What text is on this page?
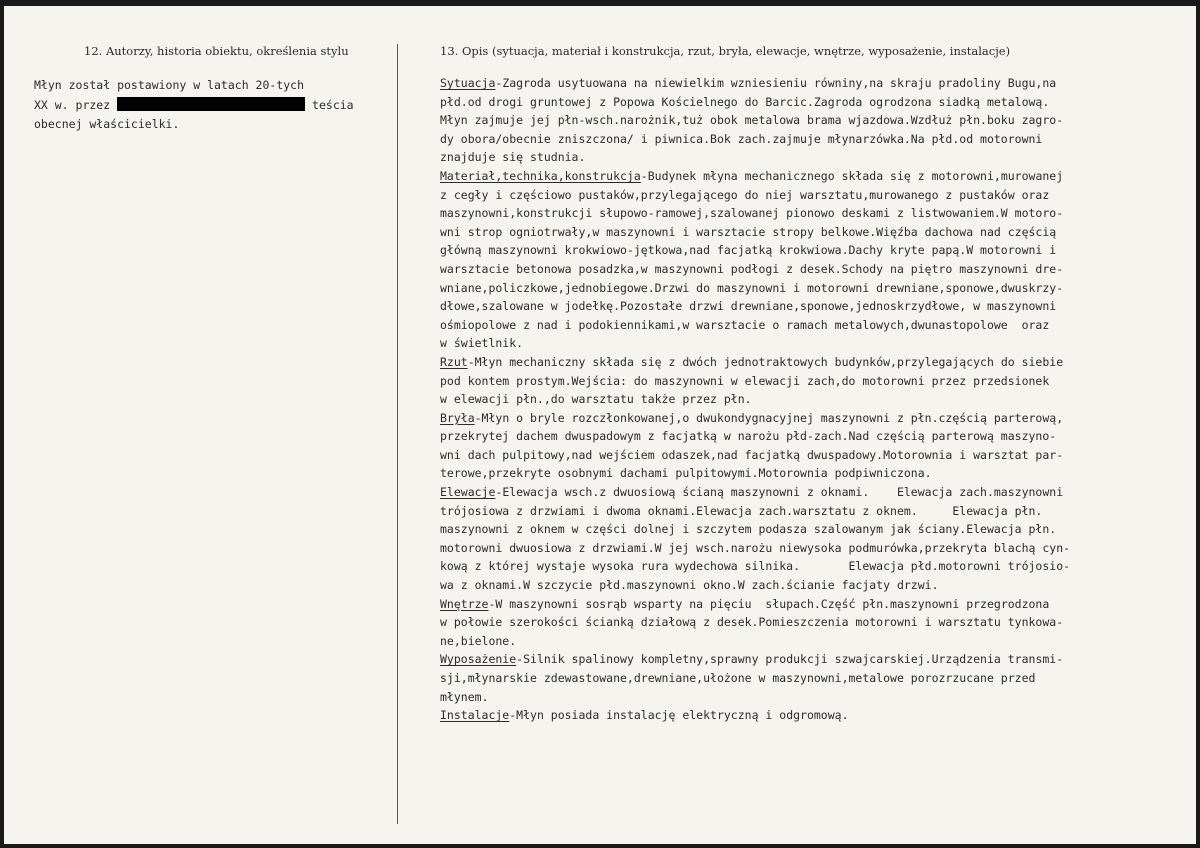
12. Autorzy, historia obiektu, określenia stylu	13. Opis (sytuacja, materiał i konstrukcja, rzut, bryła, elewacje, wnętrze, wyposażenie, instalacje)
Młyn został postawiony w latach 20-tych
XX w. przez	teścia
obecnej właścicielki.
Sytuacja-Zagroda usytuowana na niewielkim wzniesieniu równiny,na skraju pradoliny Bugu,na
płd.od drogi gruntowej z Popowa Kościelnego do Barcic.Zagroda ogrodzona siadką metalową.
Młyn zajmuje jej płn-wsch.narożnik,tuż obok metalowa brama wjazdowa.Wzdłuż płn.boku zagro-
dy obora/obecnie zniszczona/ i piwnica.Bok zach.zajmuje młynarzówka.Na płd.od motorowni
znajduje się studnia.
Materiał,technika,konstrukcja-Budynek młyna mechanicznego składa się z motorowni,murowanej
z cegły i częściowo pustaków,przylegającego do niej warsztatu,murowanego z pustaków oraz
maszynowni,konstrukcji słupowo-ramowej,szalowanej pionowo deskami z listwowaniem.W motoro-
wni strop ogniotrwały,w maszynowni i warsztacie stropy belkowe.Więźba dachowa nad częścią
główną maszynowni krokwiowo-jętkowa,nad facjatką krokwiowa.Dachy kryte papą.W motorowni i
warsztacie betonowa posadzka,w maszynowni podłogi z desek.Schody na piętro maszynowni dre-
wniane,policzkowe,jednobiegowe.Drzwi do maszynowni i motorowni drewniane,sponowe,dwuskrzy-
dłowe,szalowane w jodełkę.Pozostałe drzwi drewniane,sponowe,jednoskrzydłowe, w maszynowni
ośmiopolowe z nad i podokiennikami,w warsztacie o ramach metalowych,dwunastopolowe  oraz
w świetlnik.
Rzut-Młyn mechaniczny składa się z dwóch jednotraktowych budynków,przylegających do siebie
pod kontem prostym.Wejścia: do maszynowni w elewacji zach,do motorowni przez przedsionek
w elewacji płn.,do warsztatu także przez płn.
Bryła-Młyn o bryle rozczłonkowanej,o dwukondygnacyjnej maszynowni z płn.częścią parterową,
przekrytej dachem dwuspadowym z facjatką w narożu płd-zach.Nad częścią parterową maszyno-
wni dach pulpitowy,nad wejściem odaszek,nad facjatką dwuspadowy.Motorownia i warsztat par-
terowe,przekryte osobnymi dachami pulpitowymi.Motorownia podpiwniczona.
Elewacje-Elewacja wsch.z dwuosiową ścianą maszynowni z oknami.    Elewacja zach.maszynowni
trójosiowa z drzwiami i dwoma oknami.Elewacja zach.warsztatu z oknem.     Elewacja płn.
maszynowni z oknem w części dolnej i szczytem podasza szalowanym jak ściany.Elewacja płn.
motorowni dwuosiowa z drzwiami.W jej wsch.narożu niewysoka podmurówka,przekryta blachą cyn-
kową z której wystaje wysoka rura wydechowa silnika.       Elewacja płd.motorowni trójosio-
wa z oknami.W szczycie płd.maszynowni okno.W zach.ścianie facjaty drzwi.
Wnętrze-W maszynowni sosrąb wsparty na pięciu  słupach.Część płn.maszynowni przegrodzona
w połowie szerokości ścianką działową z desek.Pomieszczenia motorowni i warsztatu tynkowa-
ne,bielone.
Wyposażenie-Silnik spalinowy kompletny,sprawny produkcji szwajcarskiej.Urządzenia transmi-
sji,młynarskie zdewastowane,drewniane,ułożone w maszynowni,metalowe porozrzucane przed
młynem.
Instalacje-Młyn posiada instalację elektryczną i odgromową.
